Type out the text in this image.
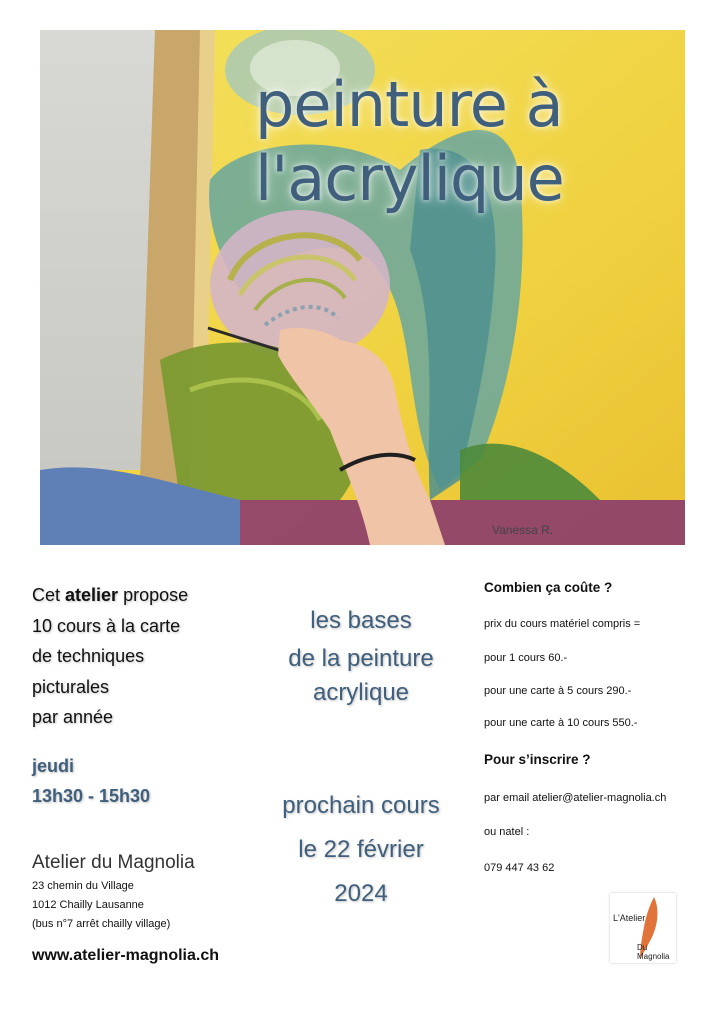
peinture à
l'acrylique
Vanessa R.
Cet atelier propose
10 cours à la carte
de techniques
picturales
par année
jeudi
13h30 - 15h30
Atelier du Magnolia
23 chemin du Village
1012 Chailly Lausanne
(bus n°7 arrêt chailly village)
www.atelier-magnolia.ch
les bases
de la peinture
acrylique
prochain cours
le 22 février
2024
Combien ça coûte ?
prix du cours matériel compris =
pour 1 cours 60.-
pour une carte à 5 cours 290.-
pour une carte à 10 cours 550.-
Pour s’inscrire ?
par email atelier@atelier-magnolia.ch
ou natel :
079 447 43 62
L'Atelier
Du Magnolia
